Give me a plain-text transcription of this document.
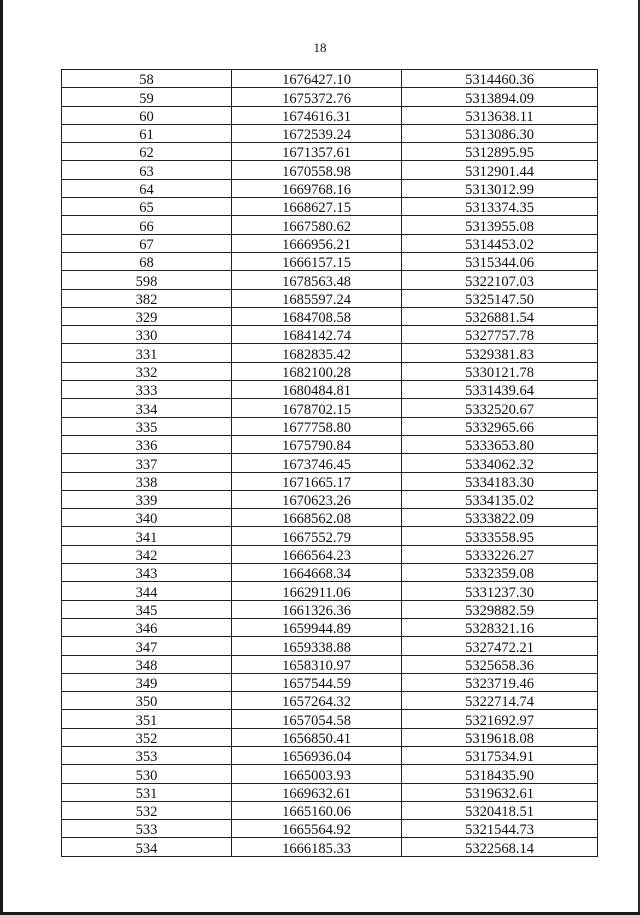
18
58	1676427.10	5314460.36
59	1675372.76	5313894.09
60	1674616.31	5313638.11
61	1672539.24	5313086.30
62	1671357.61	5312895.95
63	1670558.98	5312901.44
64	1669768.16	5313012.99
65	1668627.15	5313374.35
66	1667580.62	5313955.08
67	1666956.21	5314453.02
68	1666157.15	5315344.06
598	1678563.48	5322107.03
382	1685597.24	5325147.50
329	1684708.58	5326881.54
330	1684142.74	5327757.78
331	1682835.42	5329381.83
332	1682100.28	5330121.78
333	1680484.81	5331439.64
334	1678702.15	5332520.67
335	1677758.80	5332965.66
336	1675790.84	5333653.80
337	1673746.45	5334062.32
338	1671665.17	5334183.30
339	1670623.26	5334135.02
340	1668562.08	5333822.09
341	1667552.79	5333558.95
342	1666564.23	5333226.27
343	1664668.34	5332359.08
344	1662911.06	5331237.30
345	1661326.36	5329882.59
346	1659944.89	5328321.16
347	1659338.88	5327472.21
348	1658310.97	5325658.36
349	1657544.59	5323719.46
350	1657264.32	5322714.74
351	1657054.58	5321692.97
352	1656850.41	5319618.08
353	1656936.04	5317534.91
530	1665003.93	5318435.90
531	1669632.61	5319632.61
532	1665160.06	5320418.51
533	1665564.92	5321544.73
534	1666185.33	5322568.14
